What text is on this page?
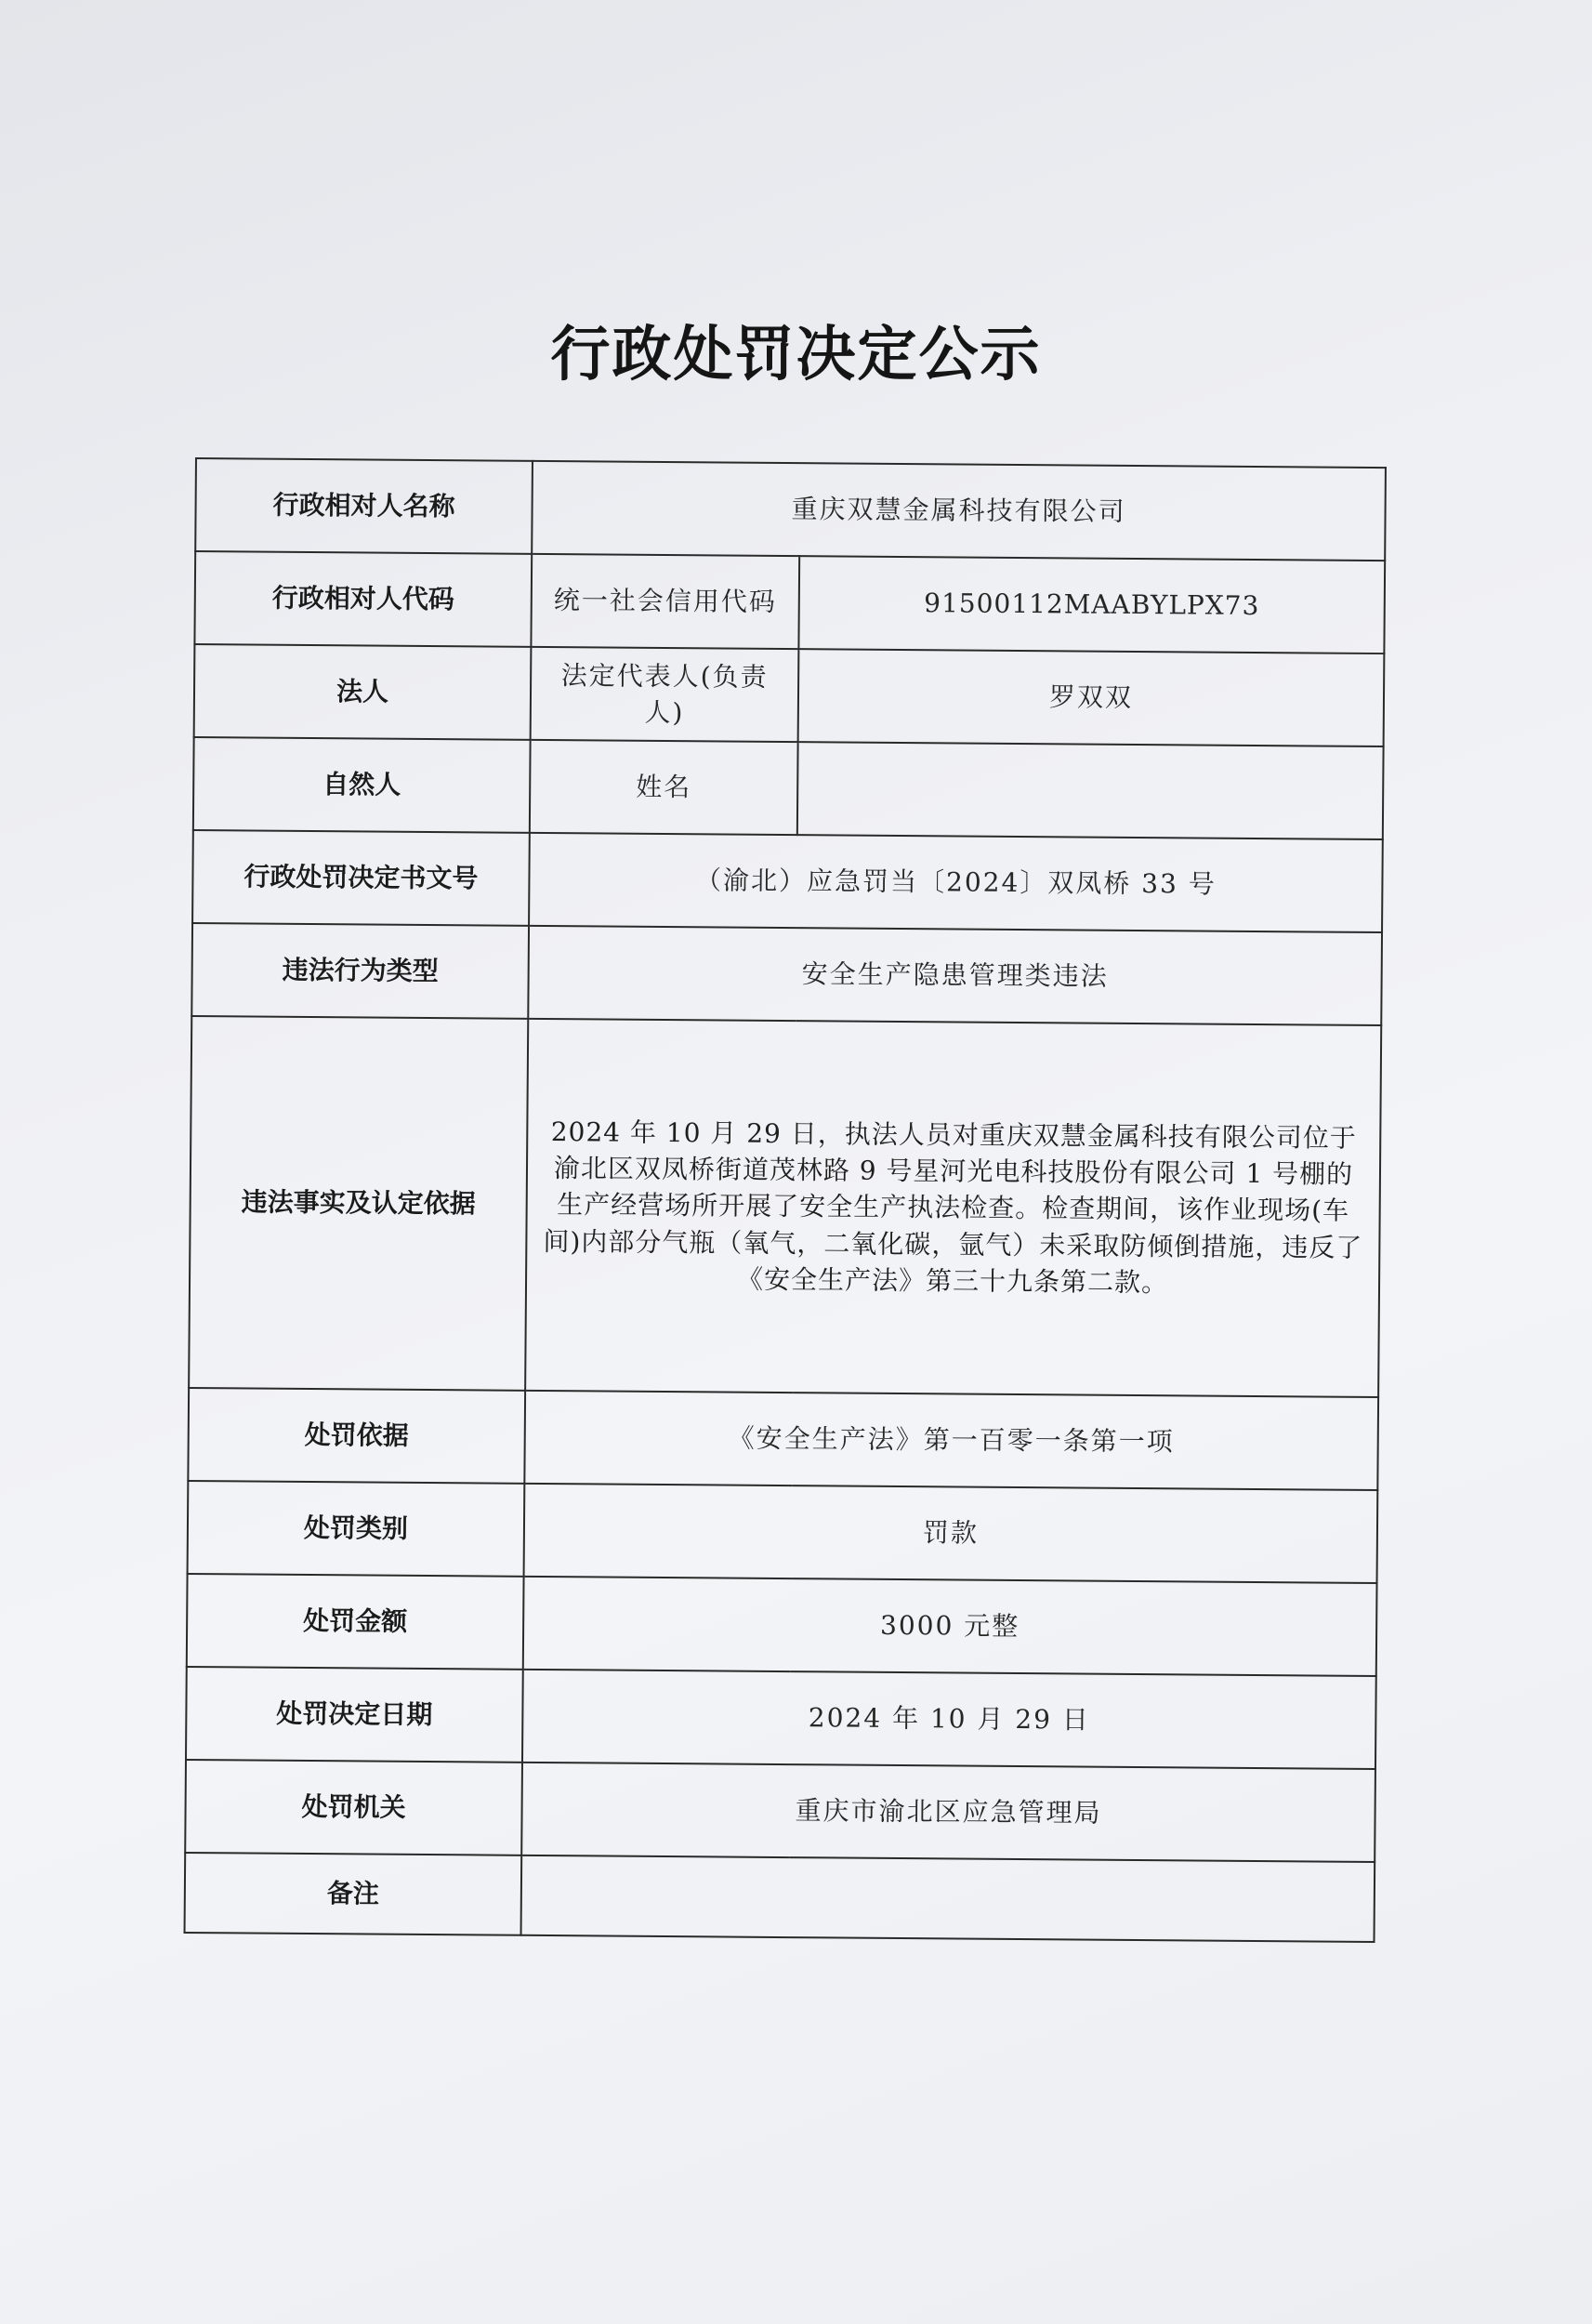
行政处罚决定公示
行政相对人名称	重庆双慧金属科技有限公司	
行政相对人代码	统一社会信用代码	91500112MAABYLPX73
法人	法定代表人(负责人)	罗双双
自然人	姓名	
行政处罚决定书文号	（渝北）应急罚当〔2024〕双凤桥 33 号	
违法行为类型	安全生产隐患管理类违法	
违法事实及认定依据	2024 年 10 月 29 日，执法人员对重庆双慧金属科技有限公司位于渝北区双凤桥街道茂林路 9 号星河光电科技股份有限公司 1 号棚的生产经营场所开展了安全生产执法检查。检查期间，该作业现场(车间)内部分气瓶（氧气，二氧化碳，氩气）未采取防倾倒措施，违反了《安全生产法》第三十九条第二款。	
处罚依据	《安全生产法》第一百零一条第一项	
处罚类别	罚款	
处罚金额	3000 元整	
处罚决定日期	2024 年 10 月 29 日	
处罚机关	重庆市渝北区应急管理局	
备注		
